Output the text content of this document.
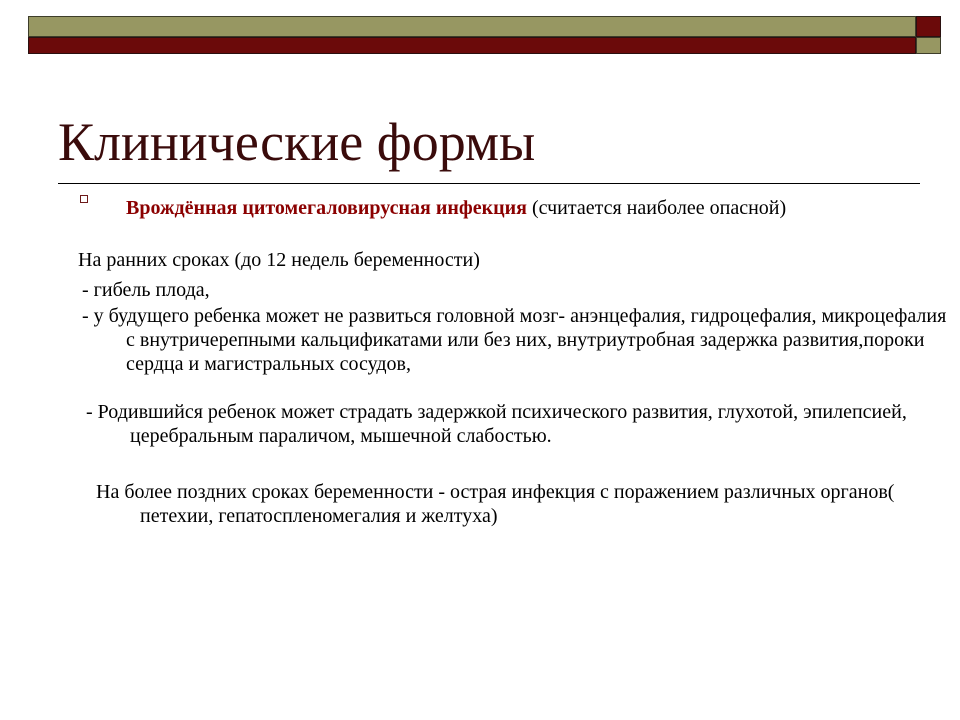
Клинические формы

Врождённая цитомегаловирусная инфекция (считается наиболее опасной)

На ранних сроках (до 12 недель беременности)

- гибель плода,

- у будущего ребенка может не развиться головной мозг- анэнцефалия, гидроцефалия, микроцефалия с внутричерепными кальцификатами или без них, внутриутробная задержка развития,пороки сердца и магистральных сосудов,

- Родившийся ребенок может страдать задержкой психического развития, глухотой, эпилепсией, церебральным параличом, мышечной слабостью.

На более поздних сроках беременности - острая инфекция с поражением различных органов( петехии, гепатоспленомегалия и желтуха)
